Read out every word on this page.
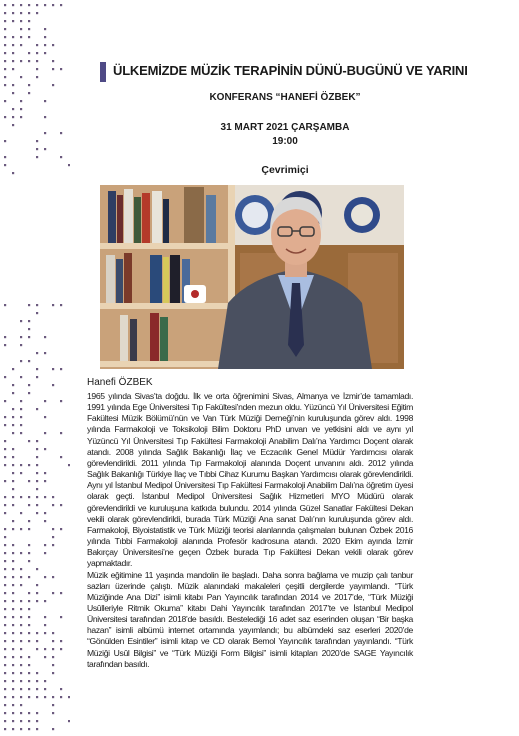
ÜLKEMİZDE MÜZİK TERAPİNİN DÜNÜ-BUGÜNÜ VE YARINI
KONFERANS “HANEFİ ÖZBEK”
31 MART 2021 ÇARŞAMBA
19:00
Çevrimiçi
Hanefi ÖZBEK

1965 yılında Sivas’ta doğdu. İlk ve orta öğrenimini Sivas, Almanya ve İzmir’de tamamladı. 1991 yılında Ege Üniversitesi Tıp Fakültesi’nden mezun oldu. Yüzüncü Yıl Üniversitesi Eğitim Fakültesi Müzik Bölümü’nün ve Van Türk Müziği Derneği’nin kuruluşunda görev aldı. 1998 yılında Farmakoloji ve Toksikoloji Bilim Doktoru PhD unvan ve yetkisini aldı ve aynı yıl Yüzüncü Yıl Üniversitesi Tıp Fakültesi Farmakoloji Anabilim Dalı’na Yardımcı Doçent olarak atandı. 2008 yılında Sağlık Bakanlığı İlaç ve Eczacılık Genel Müdür Yardımcısı olarak görevlendirildi. 2011 yılında Tıp Farmakoloji alanında Doçent unvanını aldı. 2012 yılında Sağlık Bakanlığı Türkiye İlaç ve Tıbbi Cihaz Kurumu Başkan Yardımcısı olarak görevlendirildi. Aynı yıl İstanbul Medipol Üniversitesi Tıp Fakültesi Farmakoloji Anabilim Dalı’na öğretim üyesi olarak geçti. İstanbul Medipol Üniversitesi Sağlık Hizmetleri MYO Müdürü olarak görevlendirildi ve kuruluşuna katkıda bulundu. 2014 yılında Güzel Sanatlar Fakültesi Dekan vekili olarak görevlendirildi, burada Türk Müziği Ana sanat Dalı’nın kuruluşunda görev aldı. Farmakoloji, Biyoistatistik ve Türk Müziği teorisi alanlarında çalışmaları bulunan Özbek 2016 yılında Tıbbi Farmakoloji alanında Profesör kadrosuna atandı. 2020 Ekim ayında İzmir Bakırçay Üniversitesi’ne geçen Özbek burada Tıp Fakültesi Dekan vekili olarak görev yapmaktadır.

Müzik eğitimine 11 yaşında mandolin ile başladı. Daha sonra bağlama ve muzip çalı tanbur sazları üzerinde çalıştı. Müzik alanındaki makaleleri çeşitli dergilerde yayımlandı. “Türk Müziğinde Ana Dizi” isimli kitabı Pan Yayıncılık tarafından 2014 ve 2017’de, “Türk Müziği Usûlleriyle Ritmik Okuma” kitabı Dahi Yayıncılık tarafından 2017’te ve İstanbul Medipol Üniversitesi tarafından 2018’de basıldı. Bestelediği 16 adet saz eserinden oluşan “Bir başka hazan” isimli albümü internet ortamında yayımlandı; bu albümdeki saz eserleri 2020’de “Gönülden Esintiler” isimli kitap ve CD olarak Bemol Yayıncılık tarafından yayınlandı. “Türk Müziği Usûl Bilgisi” ve “Türk Müziği Form Bilgisi” isimli kitapları 2020’de SAGE Yayıncılık tarafından basıldı.
